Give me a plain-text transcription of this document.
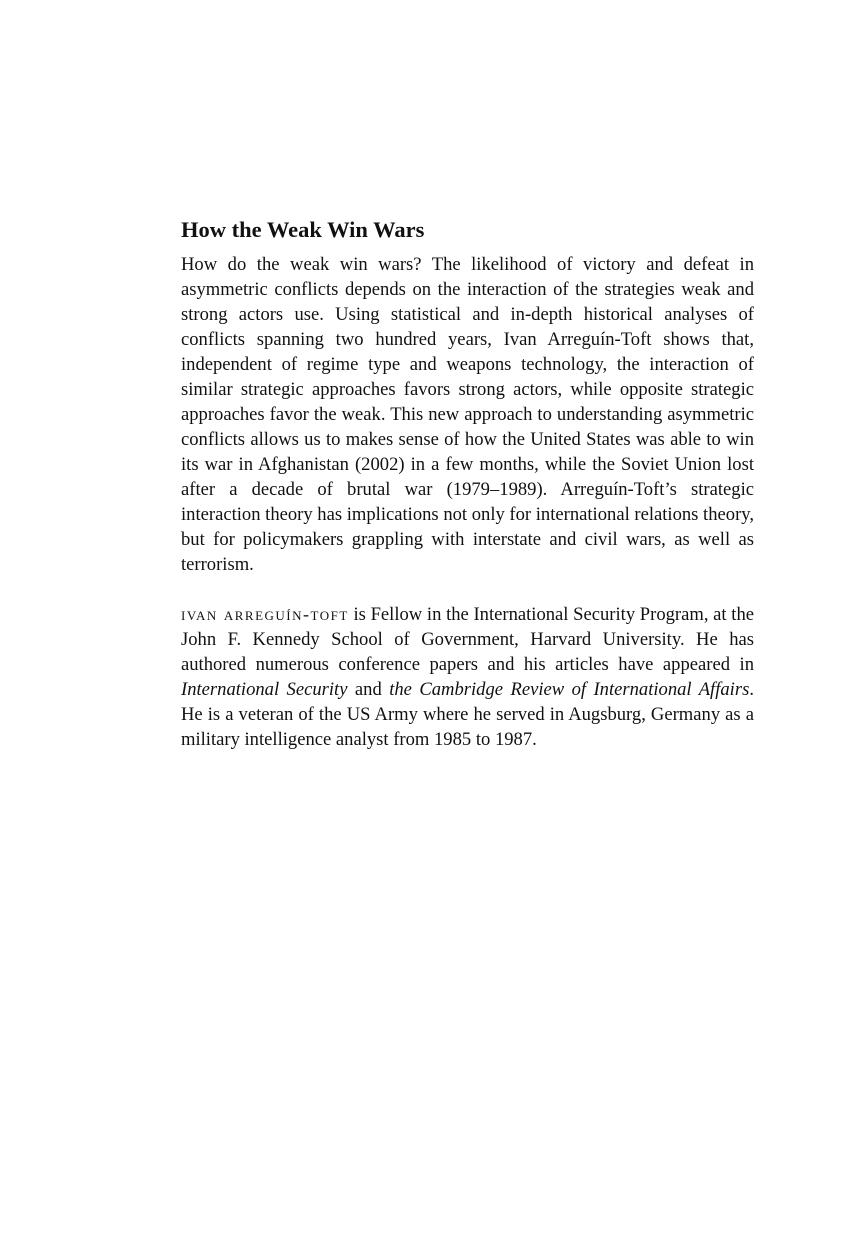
How the Weak Win Wars

How do the weak win wars? The likelihood of victory and defeat in asymmetric conflicts depends on the interaction of the strategies weak and strong actors use. Using statistical and in-depth historical analyses of conflicts spanning two hundred years, Ivan Arreguín-Toft shows that, independent of regime type and weapons technology, the interaction of similar strategic approaches favors strong actors, while opposite strategic approaches favor the weak. This new approach to understanding asymmetric conflicts allows us to makes sense of how the United States was able to win its war in Afghanistan (2002) in a few months, while the Soviet Union lost after a decade of brutal war (1979–1989). Arreguín-Toft’s strategic interaction theory has implications not only for international relations theory, but for policymakers grappling with interstate and civil wars, as well as terrorism.

ivan arreguín-toft is Fellow in the International Security Program, at the John F. Kennedy School of Government, Harvard University. He has authored numerous conference papers and his articles have appeared in International Security and the Cambridge Review of International Affairs. He is a veteran of the US Army where he served in Augsburg, Germany as a military intelligence analyst from 1985 to 1987.
